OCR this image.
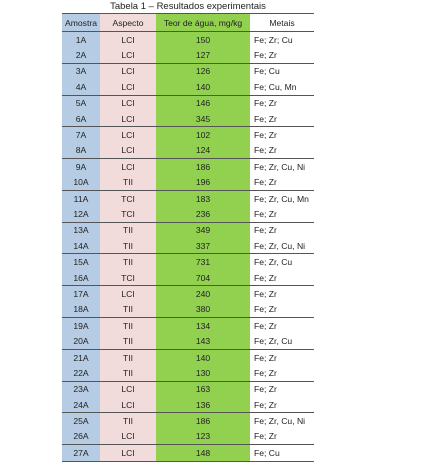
Tabela 1 – Resultados experimentais
Amostra	Aspecto	Teor de água, mg/kg	Metais
1A	LCI	150	Fe; Zr; Cu
2A	LCI	127	Fe; Zr
3A	LCI	126	Fe; Cu
4A	LCI	140	Fe; Cu, Mn
5A	LCI	146	Fe; Zr
6A	LCI	345	Fe; Zr
7A	LCI	102	Fe; Zr
8A	LCI	124	Fe; Zr
9A	LCI	186	Fe; Zr, Cu, Ni
10A	TII	196	Fe; Zr
11A	TCI	183	Fe; Zr, Cu, Mn
12A	TCI	236	Fe; Zr
13A	TII	349	Fe; Zr
14A	TII	337	Fe; Zr, Cu, Ni
15A	TII	731	Fe; Zr, Cu
16A	TCI	704	Fe; Zr
17A	LCI	240	Fe; Zr
18A	TII	380	Fe; Zr
19A	TII	134	Fe; Zr
20A	TII	143	Fe; Zr, Cu
21A	TII	140	Fe; Zr
22A	TII	130	Fe; Zr
23A	LCI	163	Fe; Zr
24A	LCI	136	Fe; Zr
25A	TII	186	Fe; Zr, Cu, Ni
26A	LCI	123	Fe; Zr
27A	LCI	148	Fe; Cu
